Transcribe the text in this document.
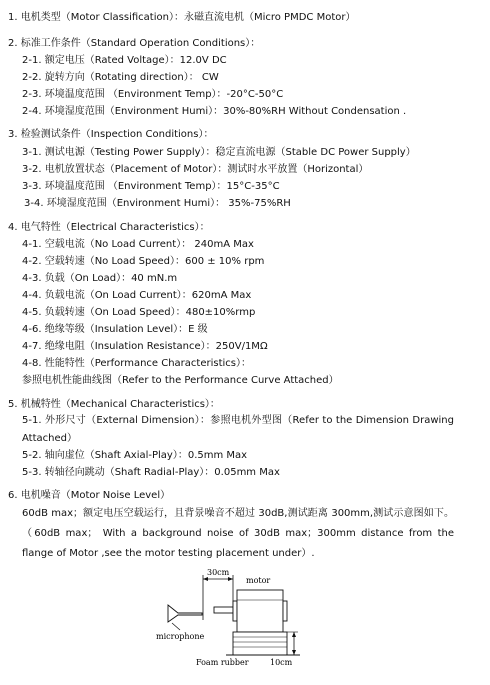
1. 电机类型（Motor Classification）：永磁直流电机（Micro PMDC Motor）
2. 标准工作条件（Standard Operation Conditions）：
2-1. 额定电压（Rated Voltage）：12.0V DC
2-2. 旋转方向（Rotating direction）： CW
2-3. 环境温度范围 （Environment Temp）：-20°C-50°C
2-4. 环境湿度范围（Environment Humi）：30%-80%RH Without Condensation .
3. 检验测试条件（Inspection Conditions）：
3-1. 测试电源（Testing Power Supply）：稳定直流电源（Stable DC Power Supply）
3-2. 电机放置状态（Placement of Motor）：测试时水平放置（Horizontal）
3-3. 环境温度范围 （Environment Temp）：15°C-35°C
3-4. 环境湿度范围（Environment Humi）： 35%-75%RH
4. 电气特性（Electrical Characteristics）：
4-1. 空载电流（No Load Current）： 240mA Max
4-2. 空载转速（No Load Speed）：600 ± 10% rpm
4-3. 负载（On Load）：40 mN.m
4-4. 负载电流（On Load Current）：620mA Max
4-5. 负载转速（On Load Speed）：480±10%rmp
4-6. 绝缘等级（Insulation Level）：E 级
4-7. 绝缘电阻（Insulation Resistance）：250V/1MΩ
4-8. 性能特性（Performance Characteristics）：
参照电机性能曲线图（Refer to the Performance Curve Attached）
5. 机械特性（Mechanical Characteristics）：
5-1. 外形尺寸（External Dimension）：参照电机外型图（Refer to the Dimension Drawing Attached）
5-2. 轴向虚位（Shaft Axial-Play）：0.5mm Max
5-3. 转轴径向跳动（Shaft Radial-Play）：0.05mm Max
6. 电机噪音（Motor Noise Level）
60dB max；额定电压空载运行，且背景噪音不超过 30dB,测试距离 300mm,测试示意图如下。（60dB max； With a background noise of 30dB max；300mm distance from the flange of Motor ,see the motor testing placement under）.
30cm
microphone
motor
Foam rubber	10cm
